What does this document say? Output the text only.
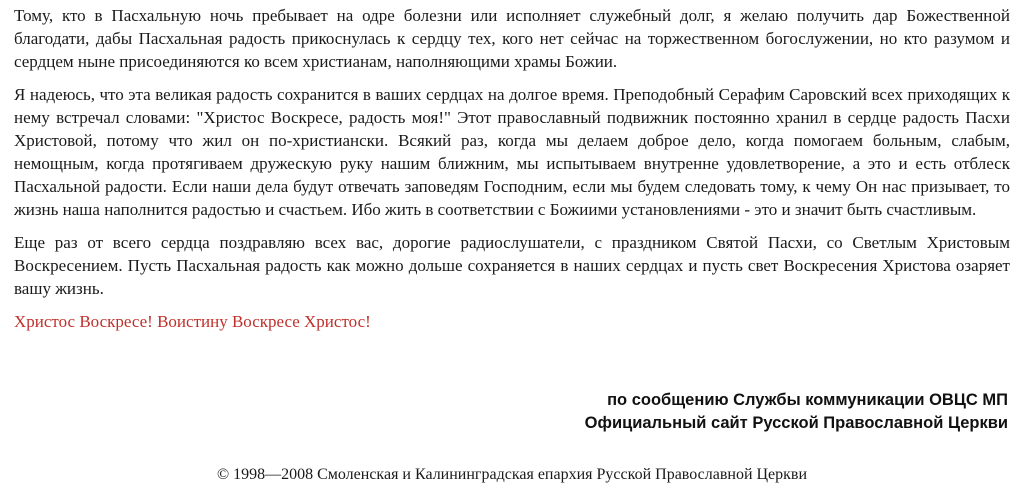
Тому, кто в Пасхальную ночь пребывает на одре болезни или исполняет служебный долг, я желаю получить дар Божественной благодати, дабы Пасхальная радость прикоснулась к сердцу тех, кого нет сейчас на торжественном богослужении, но кто разумом и сердцем ныне присоединяются ко всем христианам, наполняющими храмы Божии.

Я надеюсь, что эта великая радость сохранится в ваших сердцах на долгое время. Преподобный Серафим Саровский всех приходящих к нему встречал словами: "Христос Воскресе, радость моя!" Этот православный подвижник постоянно хранил в сердце радость Пасхи Христовой, потому что жил он по-христиански. Всякий раз, когда мы делаем доброе дело, когда помогаем больным, слабым, немощным, когда протягиваем дружескую руку нашим ближним, мы испытываем внутренне удовлетворение, а это и есть отблеск Пасхальной радости. Если наши дела будут отвечать заповедям Господним, если мы будем следовать тому, к чему Он нас призывает, то жизнь наша наполнится радостью и счастьем. Ибо жить в соответствии с Божиими установлениями - это и значит быть счастливым.

Еще раз от всего сердца поздравляю всех вас, дорогие радиослушатели, с праздником Святой Пасхи, со Светлым Христовым Воскресением. Пусть Пасхальная радость как можно дольше сохраняется в наших сердцах и пусть свет Воскресения Христова озаряет вашу жизнь.

Христос Воскресе! Воистину Воскресе Христос!

по сообщению Службы коммуникации ОВЦС МП
Официальный сайт Русской Православной Церкви
© 1998—2008 Смоленская и Калининградская епархия Русской Православной Церкви
